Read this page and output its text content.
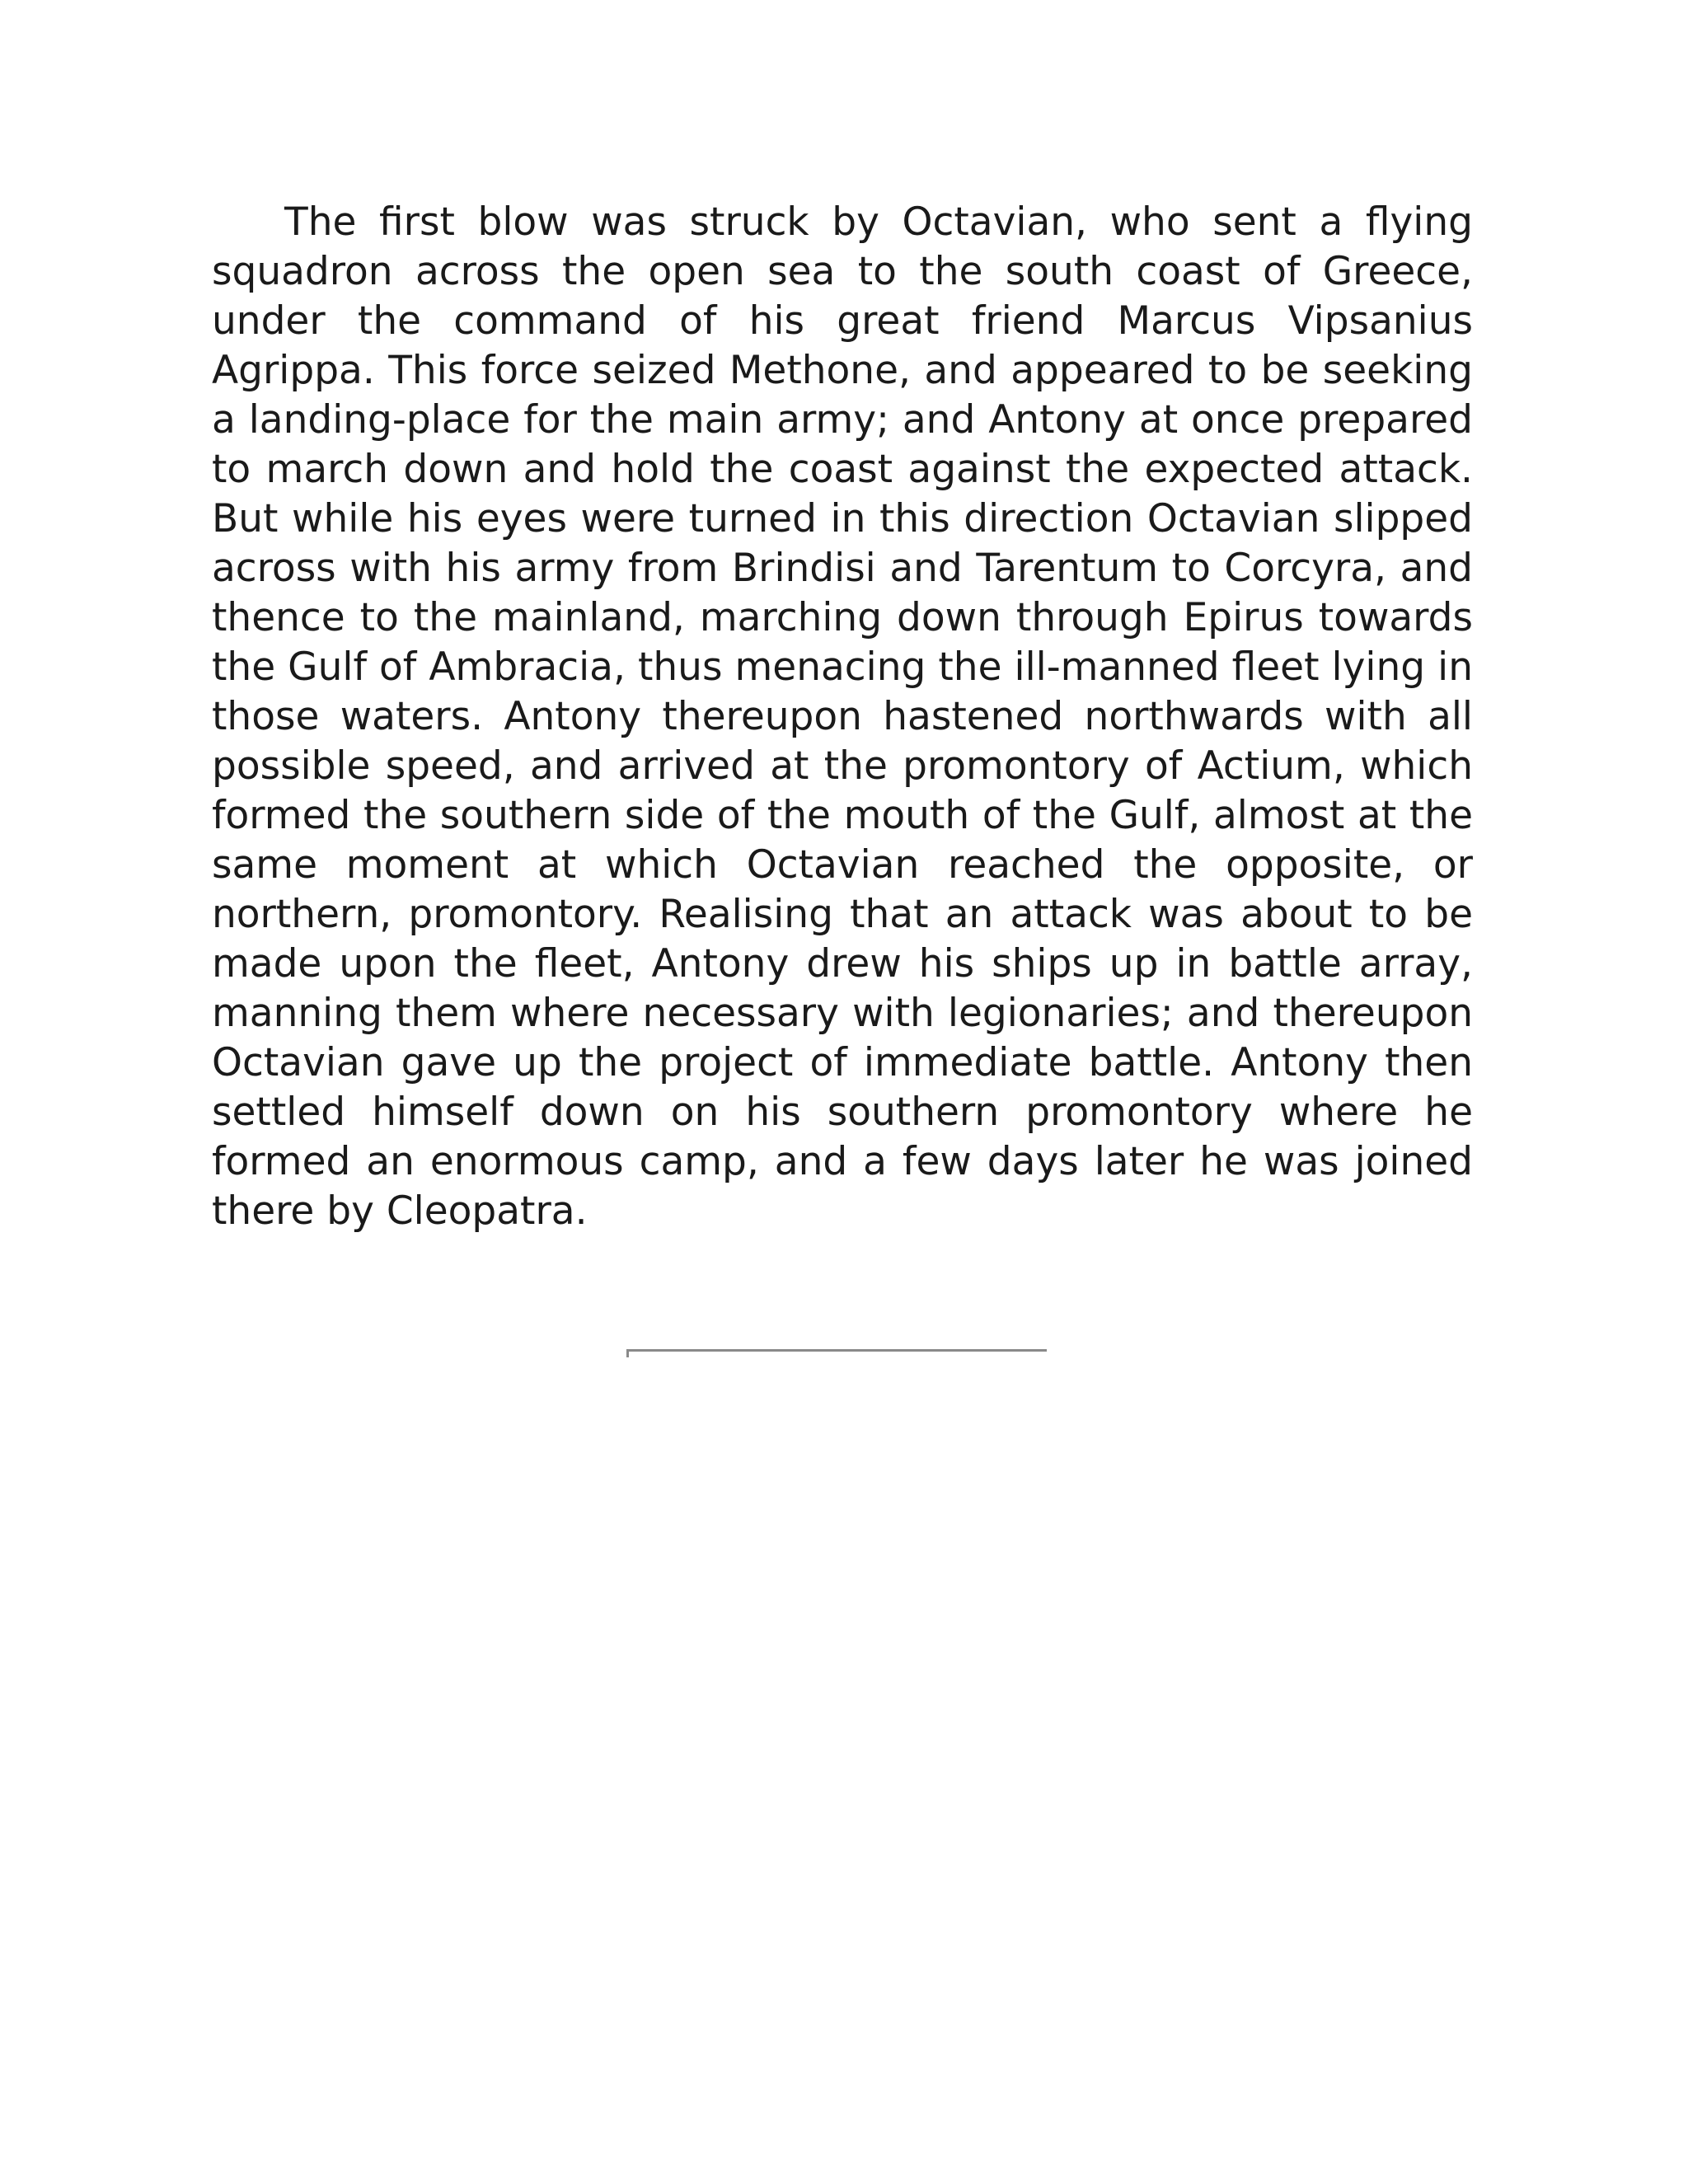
The first blow was struck by Octavian, who sent a flying squadron across the open sea to the south coast of Greece, under the command of his great friend Marcus Vipsanius Agrippa. This force seized Methone, and appeared to be seeking a landing-place for the main army; and Antony at once prepared to march down and hold the coast against the expected attack. But while his eyes were turned in this direction Octavian slipped across with his army from Brindisi and Tarentum to Corcyra, and thence to the mainland, marching down through Epirus towards the Gulf of Ambracia, thus menacing the ill-manned fleet lying in those waters. Antony thereupon hastened northwards with all possible speed, and arrived at the promontory of Actium, which formed the southern side of the mouth of the Gulf, almost at the same moment at which Octavian reached the opposite, or northern, promontory. Realising that an attack was about to be made upon the fleet, Antony drew his ships up in battle array, manning them where necessary with legionaries; and thereupon Octavian gave up the project of immediate battle. Antony then settled himself down on his southern promontory where he formed an enormous camp, and a few days later he was joined there by Cleopatra.
